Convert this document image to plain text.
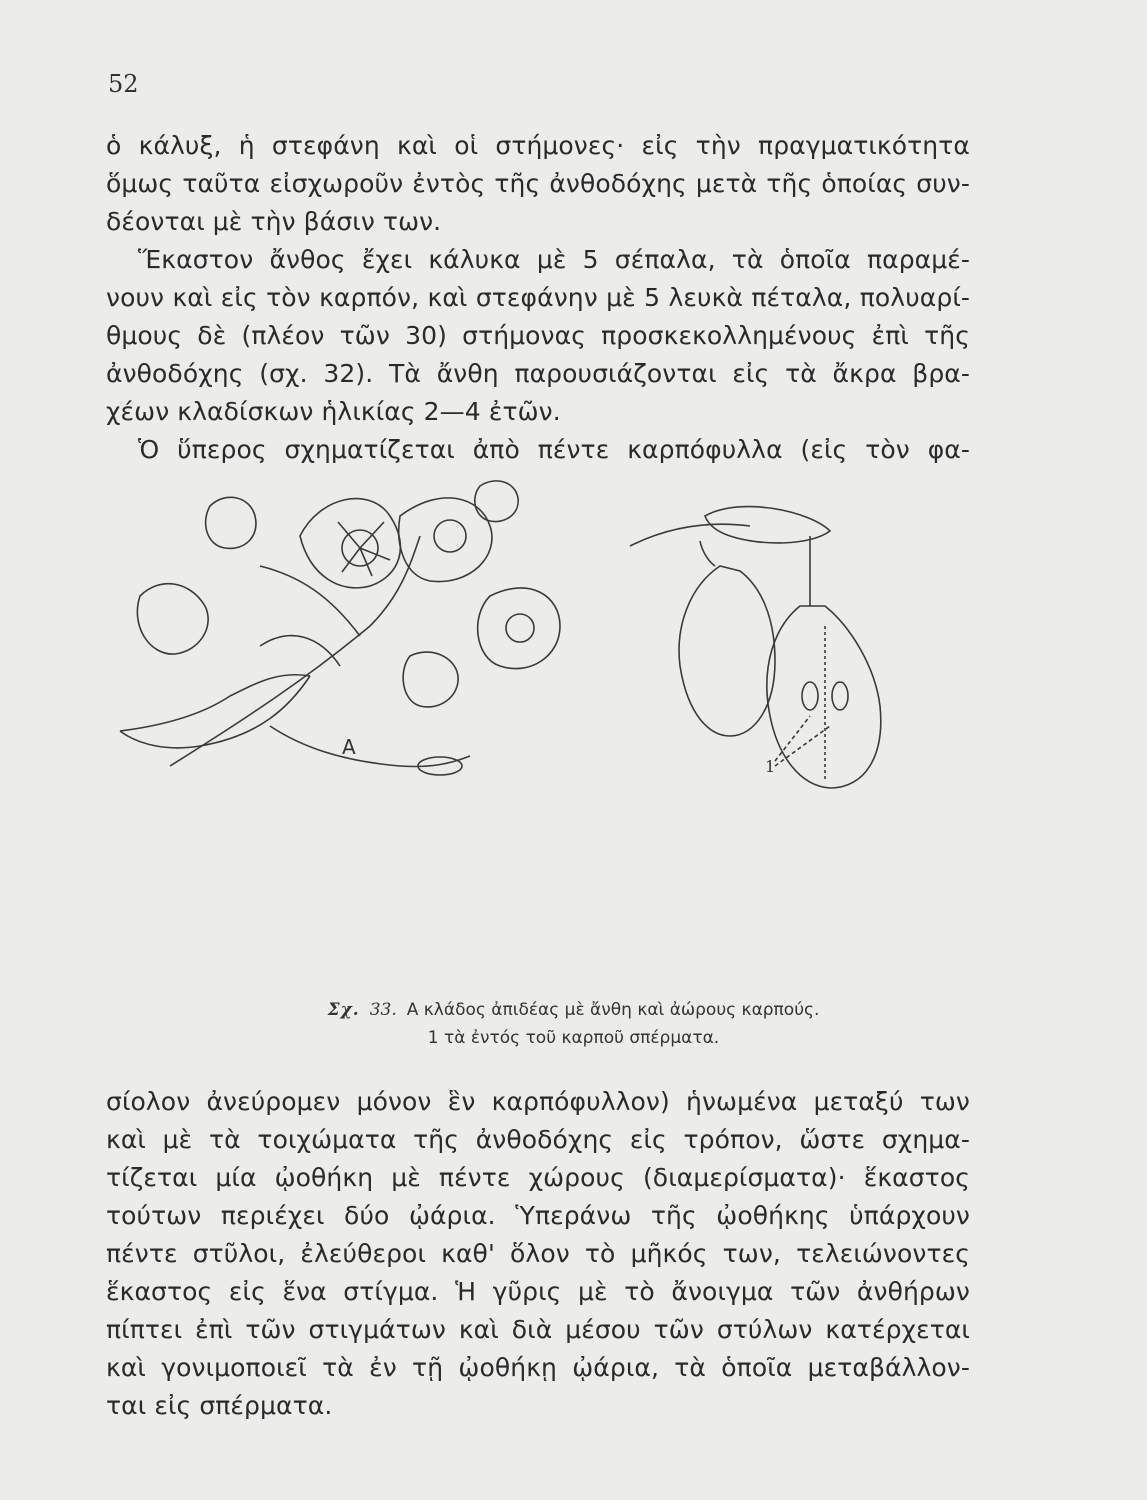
52
ὁ κάλυξ, ἡ στεφάνη καὶ οἱ στήμονες· εἰς τὴν πραγματικότητα
ὅμως ταῦτα εἰσχωροῦν ἐντὸς τῆς ἀνθοδόχης μετὰ τῆς ὁποίας συν-
δέονται μὲ τὴν βάσιν των.
Ἕκαστον ἄνθος ἔχει κάλυκα μὲ 5 σέπαλα, τὰ ὁποῖα παραμέ-
νουν καὶ εἰς τὸν καρπόν, καὶ στεφάνην μὲ 5 λευκὰ πέταλα, πολυαρί-
θμους δὲ (πλέον τῶν 30) στήμονας προσκεκολλημένους ἐπὶ τῆς
ἀνθοδόχης (σχ. 32). Τὰ ἄνθη παρουσιάζονται εἰς τὰ ἄκρα βρα-
χέων κλαδίσκων ἡλικίας 2—4 ἐτῶν.
Ὁ ὕπερος σχηματίζεται ἀπὸ πέντε καρπόφυλλα (εἰς τὸν φα-
A
1
Σχ. 33. A κλάδος ἀπιδέας μὲ ἄνθη καὶ ἀώρους καρπούς.
1 τὰ ἐντός τοῦ καρποῦ σπέρματα.
σίολον ἀνεύρομεν μόνον ἓν καρπόφυλλον) ἡνωμένα μεταξύ των
καὶ μὲ τὰ τοιχώματα τῆς ἀνθοδόχης εἰς τρόπον, ὥστε σχημα-
τίζεται μία ᾠοθήκη μὲ πέντε χώρους (διαμερίσματα)· ἕκαστος
τούτων περιέχει δύο ᾠάρια. Ὑπεράνω τῆς ᾠοθήκης ὑπάρχουν
πέντε στῦλοι, ἐλεύθεροι καθ' ὅλον τὸ μῆκός των, τελειώνοντες
ἕκαστος εἰς ἕνα στίγμα. Ἡ γῦρις μὲ τὸ ἄνοιγμα τῶν ἀνθήρων
πίπτει ἐπὶ τῶν στιγμάτων καὶ διὰ μέσου τῶν στύλων κατέρχεται
καὶ γονιμοποιεῖ τὰ ἐν τῇ ᾠοθήκῃ ᾠάρια, τὰ ὁποῖα μεταβάλλον-
ται εἰς σπέρματα.
